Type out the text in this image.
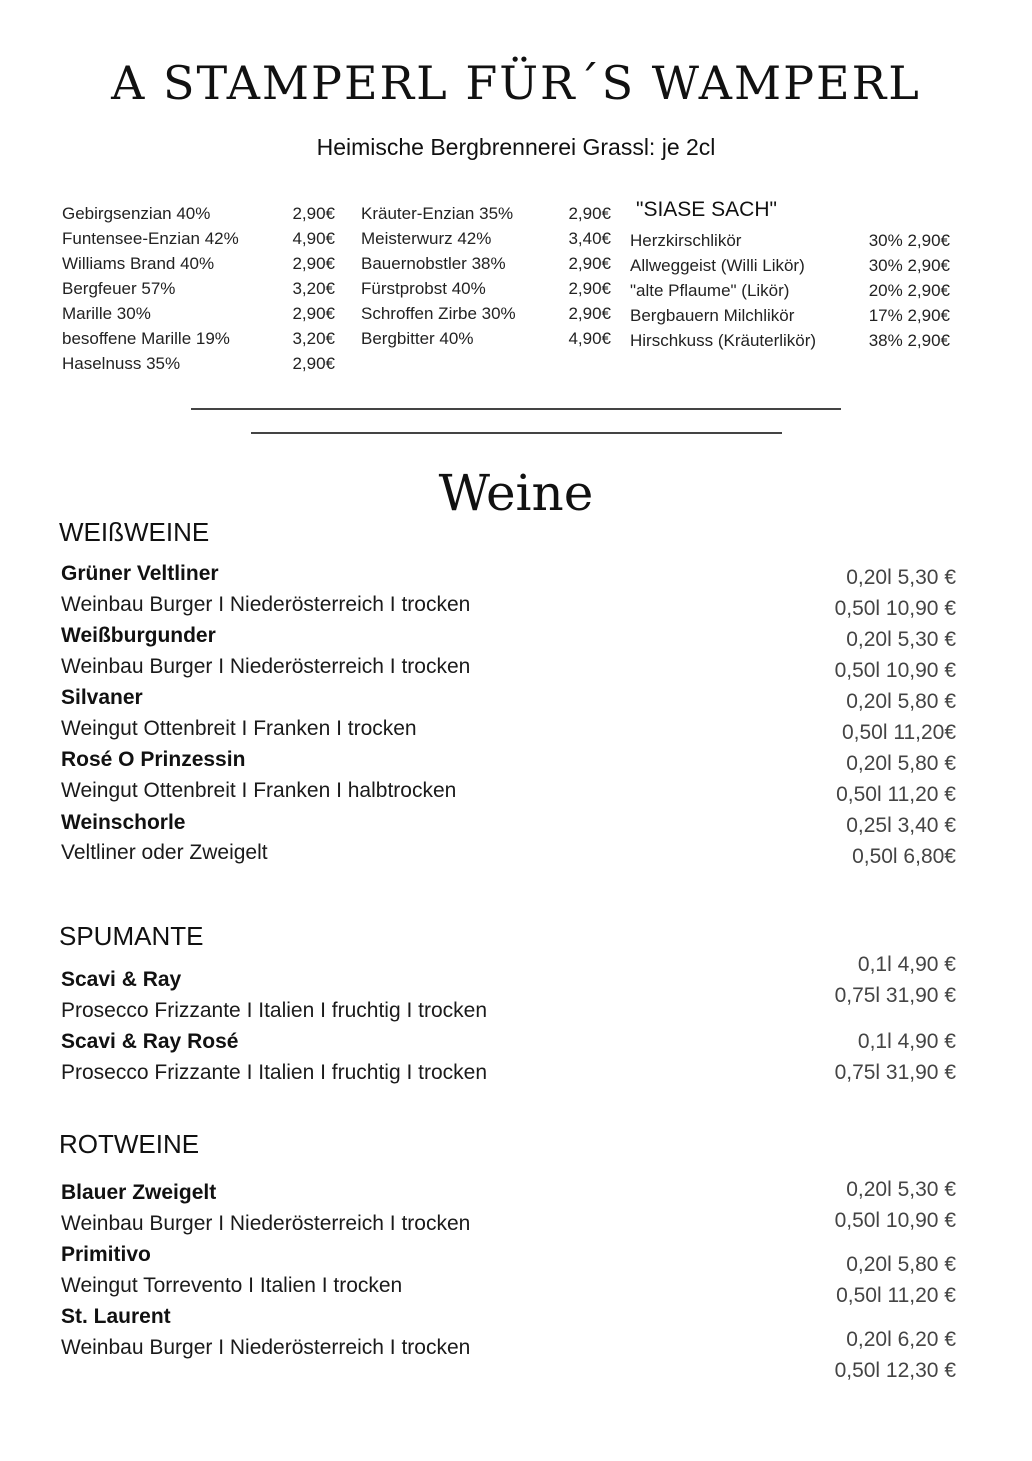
A STAMPERL FÜR´S WAMPERL
Heimische Bergbrennerei Grassl: je 2cl
Gebirgsenzian 40%	2,90€
Funtensee-Enzian 42%	4,90€
Williams Brand 40%	2,90€
Bergfeuer 57%	3,20€
Marille 30%	2,90€
besoffene Marille 19%	3,20€
Haselnuss 35%	2,90€
Kräuter-Enzian 35%	2,90€
Meisterwurz 42%	3,40€
Bauernobstler 38%	2,90€
Fürstprobst 40%	2,90€
Schroffen Zirbe 30%	2,90€
Bergbitter 40%	4,90€
"SIASE SACH"
Herzkirschlikör	30% 2,90€
Allweggeist (Willi Likör)	30% 2,90€
"alte Pflaume" (Likör)	20% 2,90€
Bergbauern Milchlikör	17% 2,90€
Hirschkuss (Kräuterlikör)	38% 2,90€
Weine
WEIßWEINE
Grüner Veltliner
Weinbau Burger I Niederösterreich I trocken
0,20l 5,30 €
0,50l 10,90 €
Weißburgunder
Weinbau Burger I Niederösterreich I trocken
0,20l 5,30 €
0,50l 10,90 €
Silvaner
Weingut Ottenbreit I Franken I trocken
0,20l 5,80 €
0,50l 11,20€
Rosé O Prinzessin
Weingut Ottenbreit I Franken I halbtrocken
0,20l 5,80 €
0,50l 11,20 €
Weinschorle
Veltliner oder Zweigelt
0,25l 3,40 €
0,50l 6,80€
SPUMANTE
Scavi & Ray
Prosecco Frizzante I Italien I fruchtig I trocken
0,1l 4,90 €
0,75l 31,90 €
Scavi & Ray Rosé
Prosecco Frizzante I Italien I fruchtig I trocken
0,1l 4,90 €
0,75l 31,90 €
ROTWEINE
Blauer Zweigelt
Weinbau Burger I Niederösterreich I trocken
0,20l 5,30 €
0,50l 10,90 €
Primitivo
Weingut Torrevento I Italien I trocken
0,20l 5,80 €
0,50l 11,20 €
St. Laurent
Weinbau Burger I Niederösterreich I trocken	0,20l 6,20 €
0,50l 12,30 €
